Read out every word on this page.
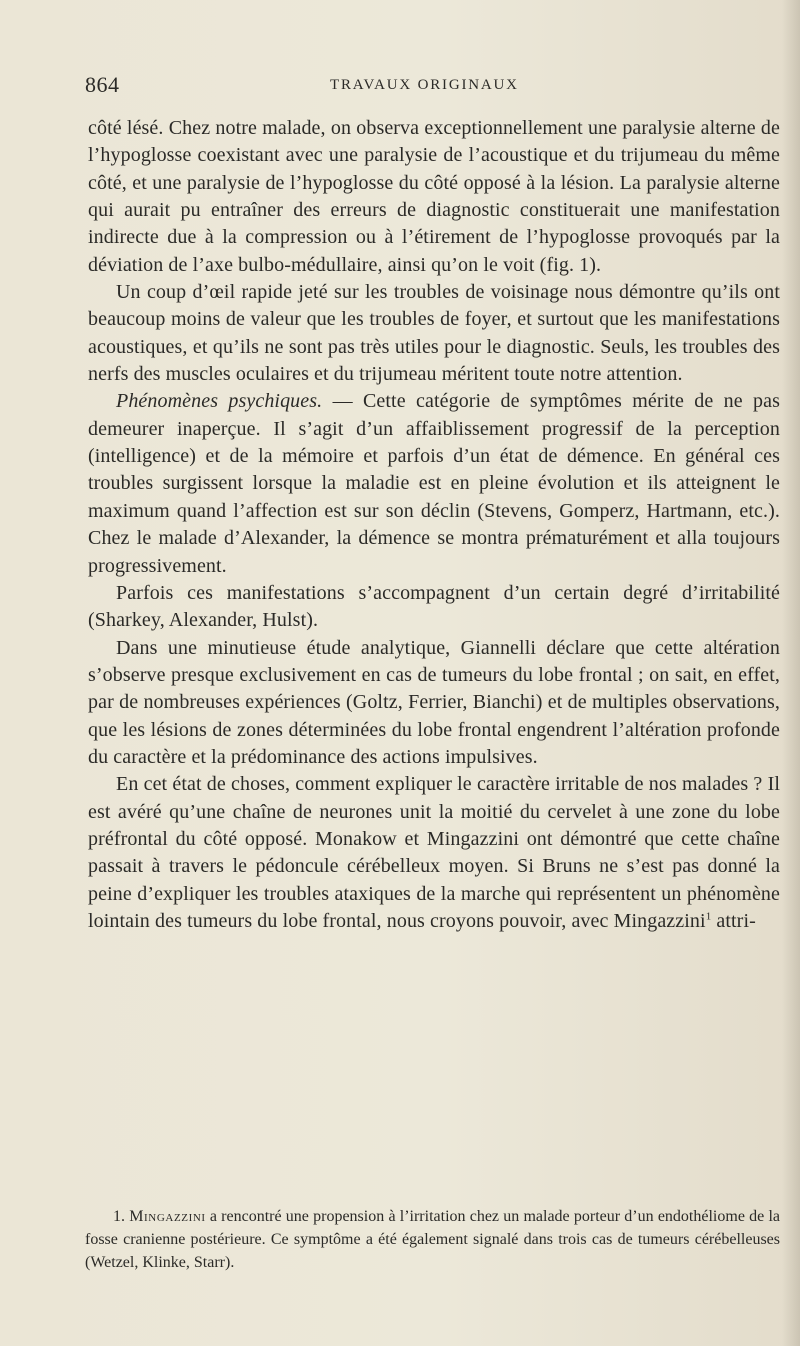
864	TRAVAUX ORIGINAUX

côté lésé. Chez notre malade, on observa exceptionnellement une paralysie alterne de l’hypoglosse coexistant avec une paralysie de l’acoustique et du trijumeau du même côté, et une paralysie de l’hypoglosse du côté opposé à la lésion. La paralysie alterne qui aurait pu entraîner des erreurs de diagnostic constituerait une manifestation indirecte due à la compression ou à l’étirement de l’hypoglosse provoqués par la déviation de l’axe bulbo-médullaire, ainsi qu’on le voit (fig. 1).

Un coup d’œil rapide jeté sur les troubles de voisinage nous démontre qu’ils ont beaucoup moins de valeur que les troubles de foyer, et surtout que les manifestations acoustiques, et qu’ils ne sont pas très utiles pour le diagnostic. Seuls, les troubles des nerfs des muscles oculaires et du trijumeau méritent toute notre attention.

Phénomènes psychiques. — Cette catégorie de symptômes mérite de ne pas demeurer inaperçue. Il s’agit d’un affaiblissement progressif de la perception (intelligence) et de la mémoire et parfois d’un état de démence. En général ces troubles surgissent lorsque la maladie est en pleine évolution et ils atteignent le maximum quand l’affection est sur son déclin (Stevens, Gomperz, Hartmann, etc.). Chez le malade d’Alexander, la démence se montra prématurément et alla toujours progressivement.

Parfois ces manifestations s’accompagnent d’un certain degré d’irritabilité (Sharkey, Alexander, Hulst).

Dans une minutieuse étude analytique, Giannelli déclare que cette altération s’observe presque exclusivement en cas de tumeurs du lobe frontal ; on sait, en effet, par de nombreuses expériences (Goltz, Ferrier, Bianchi) et de multiples observations, que les lésions de zones déterminées du lobe frontal engendrent l’altération profonde du caractère et la prédominance des actions impulsives.

En cet état de choses, comment expliquer le caractère irritable de nos malades ? Il est avéré qu’une chaîne de neurones unit la moitié du cervelet à une zone du lobe préfrontal du côté opposé. Monakow et Mingazzini ont démontré que cette chaîne passait à travers le pédoncule cérébelleux moyen. Si Bruns ne s’est pas donné la peine d’expliquer les troubles ataxiques de la marche qui représentent un phénomène lointain des tumeurs du lobe frontal, nous croyons pouvoir, avec Mingazzini$^1$ attri-

1. Mingazzini a rencontré une propension à l’irritation chez un malade porteur d’un endothéliome de la fosse cranienne postérieure. Ce symptôme a été également signalé dans trois cas de tumeurs cérébelleuses (Wetzel, Klinke, Starr).
